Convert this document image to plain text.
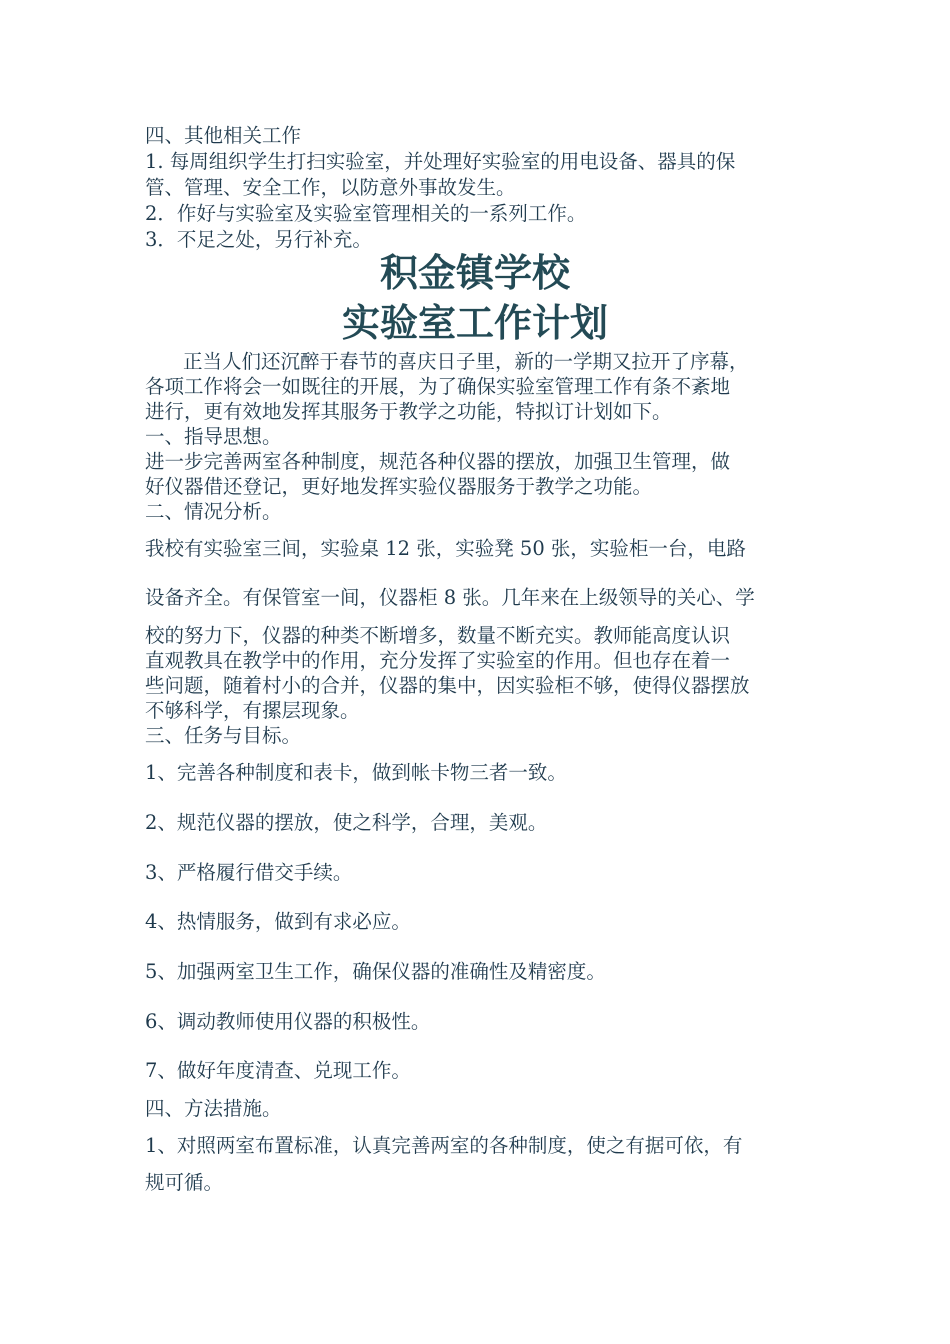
四、其他相关工作
1. 每周组织学生打扫实验室，并处理好实验室的用电设备、器具的保
管、管理、安全工作，以防意外事故发生。
2．作好与实验室及实验室管理相关的一系列工作。
3．不足之处，另行补充。
积金镇学校
实验室工作计划
正当人们还沉醉于春节的喜庆日子里，新的一学期又拉开了序幕，
各项工作将会一如既往的开展，为了确保实验室管理工作有条不紊地
进行，更有效地发挥其服务于教学之功能，特拟订计划如下。
一、指导思想。
进一步完善两室各种制度，规范各种仪器的摆放，加强卫生管理，做
好仪器借还登记，更好地发挥实验仪器服务于教学之功能。
二、情况分析。
我校有实验室三间，实验桌 12 张，实验凳 50 张，实验柜一台，电路
设备齐全。有保管室一间，仪器柜 8 张。几年来在上级领导的关心、学
校的努力下，仪器的种类不断增多，数量不断充实。教师能高度认识
直观教具在教学中的作用，充分发挥了实验室的作用。但也存在着一
些问题，随着村小的合并，仪器的集中，因实验柜不够，使得仪器摆放
不够科学，有摞层现象。
三、任务与目标。
1、完善各种制度和表卡，做到帐卡物三者一致。
2、规范仪器的摆放，使之科学，合理，美观。
3、严格履行借交手续。
4、热情服务，做到有求必应。
5、加强两室卫生工作，确保仪器的准确性及精密度。
6、调动教师使用仪器的积极性。
7、做好年度清查、兑现工作。
四、方法措施。
1、对照两室布置标准，认真完善两室的各种制度，使之有据可依，有
规可循。
